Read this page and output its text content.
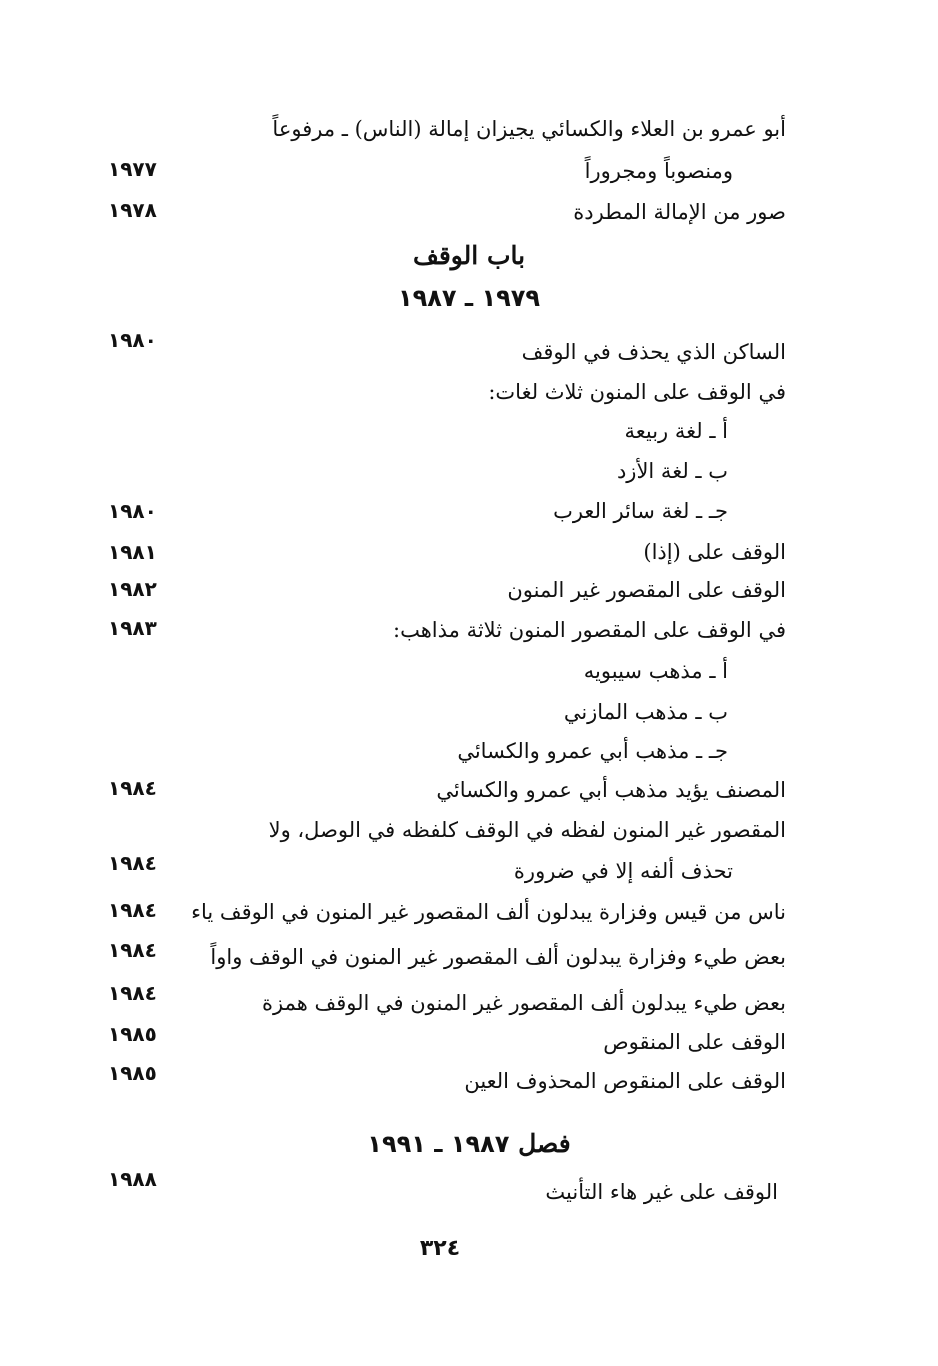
أبو عمرو بن العلاء والكسائي يجيزان إمالة (الناس) ـ مرفوعاً
ومنصوباً ومجروراً
١٩٧٧
صور من الإمالة المطردة
١٩٧٨
باب الوقف
١٩٧٩ ـ ١٩٨٧
١٩٨٠	الساكن الذي يحذف في الوقف
في الوقف على المنون ثلاث لغات:
أ ـ لغة ربيعة
ب ـ لغة الأزد
جـ ـ لغة سائر العرب
١٩٨٠
الوقف على (إذا)
١٩٨١
الوقف على المقصور غير المنون
١٩٨٢
في الوقف على المقصور المنون ثلاثة مذاهب:
١٩٨٣
أ ـ مذهب سيبويه
ب ـ مذهب المازني
جـ ـ مذهب أبي عمرو والكسائي
المصنف يؤيد مذهب أبي عمرو والكسائي
١٩٨٤
المقصور غير المنون لفظه في الوقف كلفظه في الوصل، ولا
تحذف ألفه إلا في ضرورة
١٩٨٤
ناس من قيس وفزارة يبدلون ألف المقصور غير المنون في الوقف ياء
١٩٨٤
بعض طيء وفزارة يبدلون ألف المقصور غير المنون في الوقف واواً
١٩٨٤
بعض طيء يبدلون ألف المقصور غير المنون في الوقف همزة
١٩٨٤
الوقف على المنقوص
١٩٨٥
الوقف على المنقوص المحذوف العين
١٩٨٥
فصل ١٩٨٧ ـ ١٩٩١
١٩٨٨
الوقف على غير هاء التأنيث
٣٢٤
